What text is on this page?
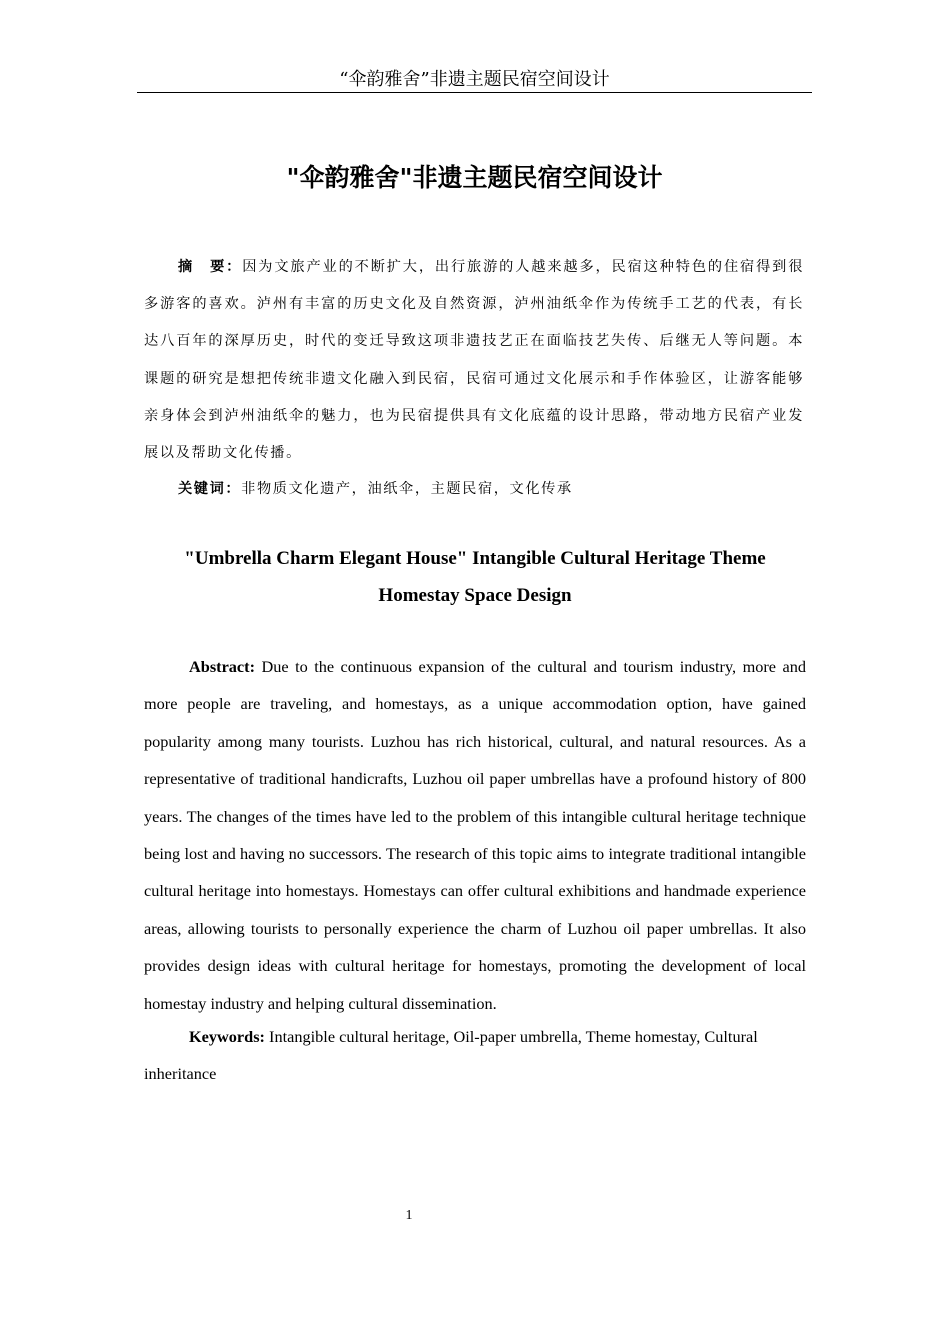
“伞韵雅舍”非遗主题民宿空间设计
"伞韵雅舍"非遗主题民宿空间设计

摘　要：因为文旅产业的不断扩大，出行旅游的人越来越多，民宿这种特色的住宿得到很多游客的喜欢。泸州有丰富的历史文化及自然资源，泸州油纸伞作为传统手工艺的代表，有长达八百年的深厚历史，时代的变迁导致这项非遗技艺正在面临技艺失传、后继无人等问题。本课题的研究是想把传统非遗文化融入到民宿，民宿可通过文化展示和手作体验区，让游客能够亲身体会到泸州油纸伞的魅力，也为民宿提供具有文化底蕴的设计思路，带动地方民宿产业发展以及帮助文化传播。

关键词：非物质文化遗产，油纸伞，主题民宿，文化传承

"Umbrella Charm Elegant House" Intangible Cultural Heritage Theme
Homestay Space Design

Abstract: Due to the continuous expansion of the cultural and tourism industry, more and more people are traveling, and homestays, as a unique accommodation option, have gained popularity among many tourists. Luzhou has rich historical, cultural, and natural resources. As a representative of traditional handicrafts, Luzhou oil paper umbrellas have a profound history of 800 years. The changes of the times have led to the problem of this intangible cultural heritage technique being lost and having no successors. The research of this topic aims to integrate traditional intangible cultural heritage into homestays. Homestays can offer cultural exhibitions and handmade experience areas, allowing tourists to personally experience the charm of Luzhou oil paper umbrellas. It also provides design ideas with cultural heritage for homestays, promoting the development of local homestay industry and helping cultural dissemination.

Keywords: Intangible cultural heritage, Oil-paper umbrella, Theme homestay, Cultural inheritance

1
